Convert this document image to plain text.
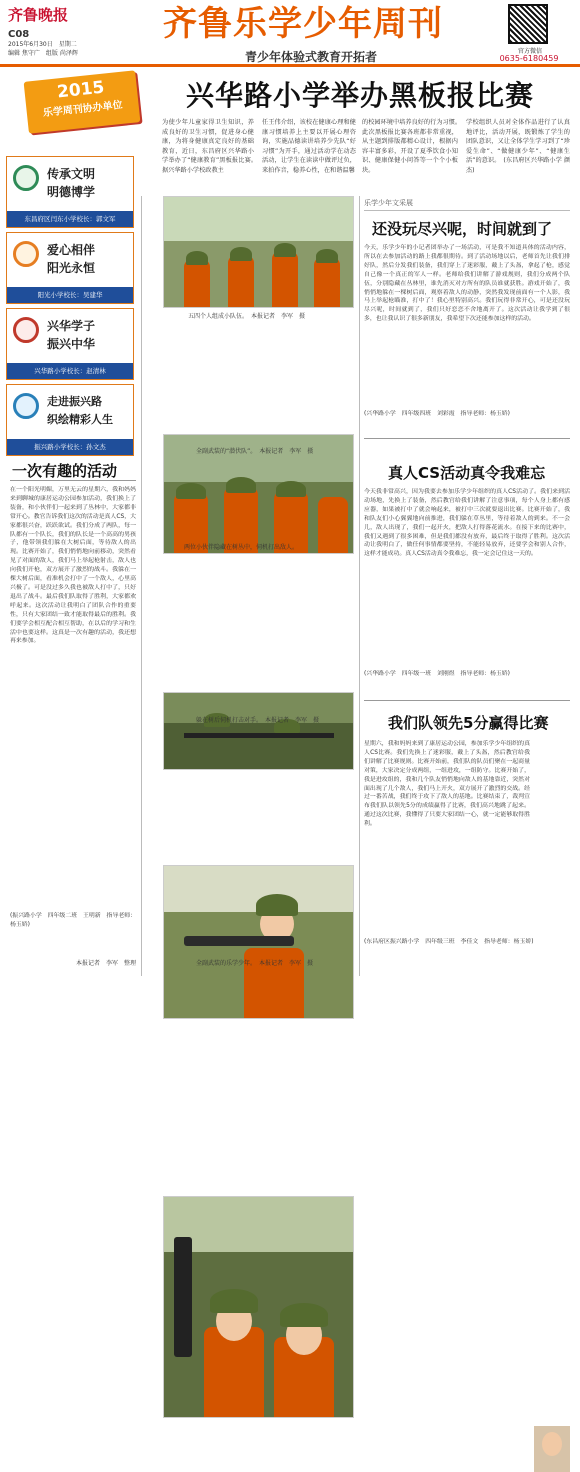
齐鲁晚报
C08
2015年6月30日　星期二
编辑 焦守广　组版 尚泽辉
齐鲁乐学少年周刊
青少年体验式教育开拓者	官方微信
0635-6180459
2015
乐学周刊协办单位	兴华路小学举办黑板报比赛
为使少年儿童家得卫生知识，养成良好的卫生习惯，促进身心健康，为将身健康真定良好的基础教育，近日，东昌府区兴华路小学举办了“健康教育”黑板报比赛。　据兴华路小学校政教主
任王伟介绍，该校在健康心理和健康习惯培养上主要以开展心理咨询，实施品德读讲培养少先队“好习惯”为开手，通过活动学在动态活动，让学生在读读中做评过负，来拍作音，稳养心性，在和谐温馨
的校园环境中培养良好的行为习惯。　此次黑板报比赛各班都非常重视，从主题到排版都精心设计，根据内容丰富多彩，开设了夏季饮食小知识、健康保健小问答等一个个小板块。
学校组织人员对全体作品进行了认真地评比，活动开展，既锻炼了学生的团队意识，又让全体学生学习到了“珍爱生命”、“做健康少年”、“健康生活”的意识。　(东昌府区兴华路小学 颜杰)
传承文明
明德博学
东昌府区闫东小学校长：郭文军
爱心相伴
阳光永恒
阳光小学校长：吴建华
兴华学子
振兴中华
兴华路小学校长：赵清林
走进振兴路
织绘精彩人生
振兴路小学校长：孙文杰
一次有趣的活动
在一个阳光明媚，万里无云的星期六，我和妈妈来到聊城的康居运动公园参加活动，我们换上了装备，和小伙伴们一起来到了丛林中，大家都非常开心。教官告诉我们这次的活动是真人CS，大家都很兴奋，跃跃欲试。我们分成了两队，每一队都有一个队长，我们的队长是一个高高的男孩子，他带领我们躲在大树后面，等待敌人的出现。比赛开始了，我们悄悄地向前移动，突然看见了对面的敌人，我们马上举起枪射击，敌人也向我们开枪，双方展开了激烈的战斗。我躲在一棵大树后面，看准机会打中了一个敌人，心里高兴极了。可是没过多久我也被敌人打中了，只好退出了战斗。最后我们队取得了胜利，大家都欢呼起来。这次活动让我明白了团队合作的重要性，只有大家团结一致才能取得最后的胜利。我们要学会相互配合相互帮助，在以后的学习和生活中也要这样。这真是一次有趣的活动，我还想再来参加。
(振兴路小学　四年级二班　王明新　指导老师：杨玉娇)
本报记者　李军　整理
五四个人组成小队伍。　本报记者　李军　摄
全副武装的“潜伏队”。　本报记者　李军　摄
两位小伙伴隐藏在树丛中，伺机打出敌人。
躲在树后伺机打击对手。　本报记者　李军　摄
全副武装的乐学少年。　本报记者　李军　摄
乐学少年文采展
还没玩尽兴呢，时间就到了
今天，乐学少年的小记者团举办了一场活动，可是我不知道具体的活动内容，所以在去参加活动的路上我都很期待。到了活动场地以后，老师首先让我们排好队，然后分发我们装备，我们穿上了迷彩服，戴上了头盔，拿起了枪，感觉自己像一个真正的军人一样。老师给我们讲解了游戏规则，我们分成两个队伍，分别隐藏在丛林里，谁先消灭对方所有的队员谁就获胜。游戏开始了，我悄悄地躲在一棵树后面，观察着敌人的动静，突然我发现前面有一个人影，我马上举起枪瞄准，打中了！我心里特别高兴。我们玩得非常开心，可是还没玩尽兴呢，时间就到了，我们只好恋恋不舍地离开了。这次活动让我学到了很多，也让我认识了很多新朋友，我希望下次还能参加这样的活动。
(兴华路小学　四年级四班　刘彩霞　指导老师：杨玉娇)
真人CS活动真令我难忘
今天我非常高兴，因为我要去参加乐学少年组织的真人CS活动了。我们来到活动场地，先换上了装备，然后教官给我们讲解了注意事项，每个人身上都有感应器，如果被打中了就会响起来，被打中三次就要退出比赛。比赛开始了，我和队友们小心翼翼地向前推进，我们躲在草丛里，等待着敌人的到来。不一会儿，敌人出现了，我们一起开火，把敌人打得落花流水。在接下来的比赛中，我们又遇到了很多困难，但是我们都没有放弃，最后终于取得了胜利。这次活动让我明白了，做任何事情都要坚持，不能轻易放弃，还要学会和别人合作，这样才能成功。真人CS活动真令我难忘，我一定会记住这一天的。
(兴华路小学　四年级一班　刘刚煜　指导老师：杨玉娇)
我们队领先5分赢得比赛
星期六，我和妈妈来到了康居运动公园，参加乐学少年组织的真人CS比赛。我们先换上了迷彩服，戴上了头盔，然后教官给我们讲解了比赛规则。比赛开始前，我们队的队员们聚在一起商量对策，大家决定分成两组，一组进攻，一组防守。比赛开始了，我是进攻组的，我和几个队友悄悄地向敌人的基地靠近，突然对面出现了几个敌人，我们马上开火，双方展开了激烈的交战。经过一番苦战，我们终于攻下了敌人的基地。比赛结束了，裁判宣布我们队以领先5分的成绩赢得了比赛，我们高兴地跳了起来。通过这次比赛，我懂得了只要大家团结一心，就一定能够取得胜利。
(东昌府区振兴路小学　四年级三班　李佳文　指导老师：杨玉娇)
